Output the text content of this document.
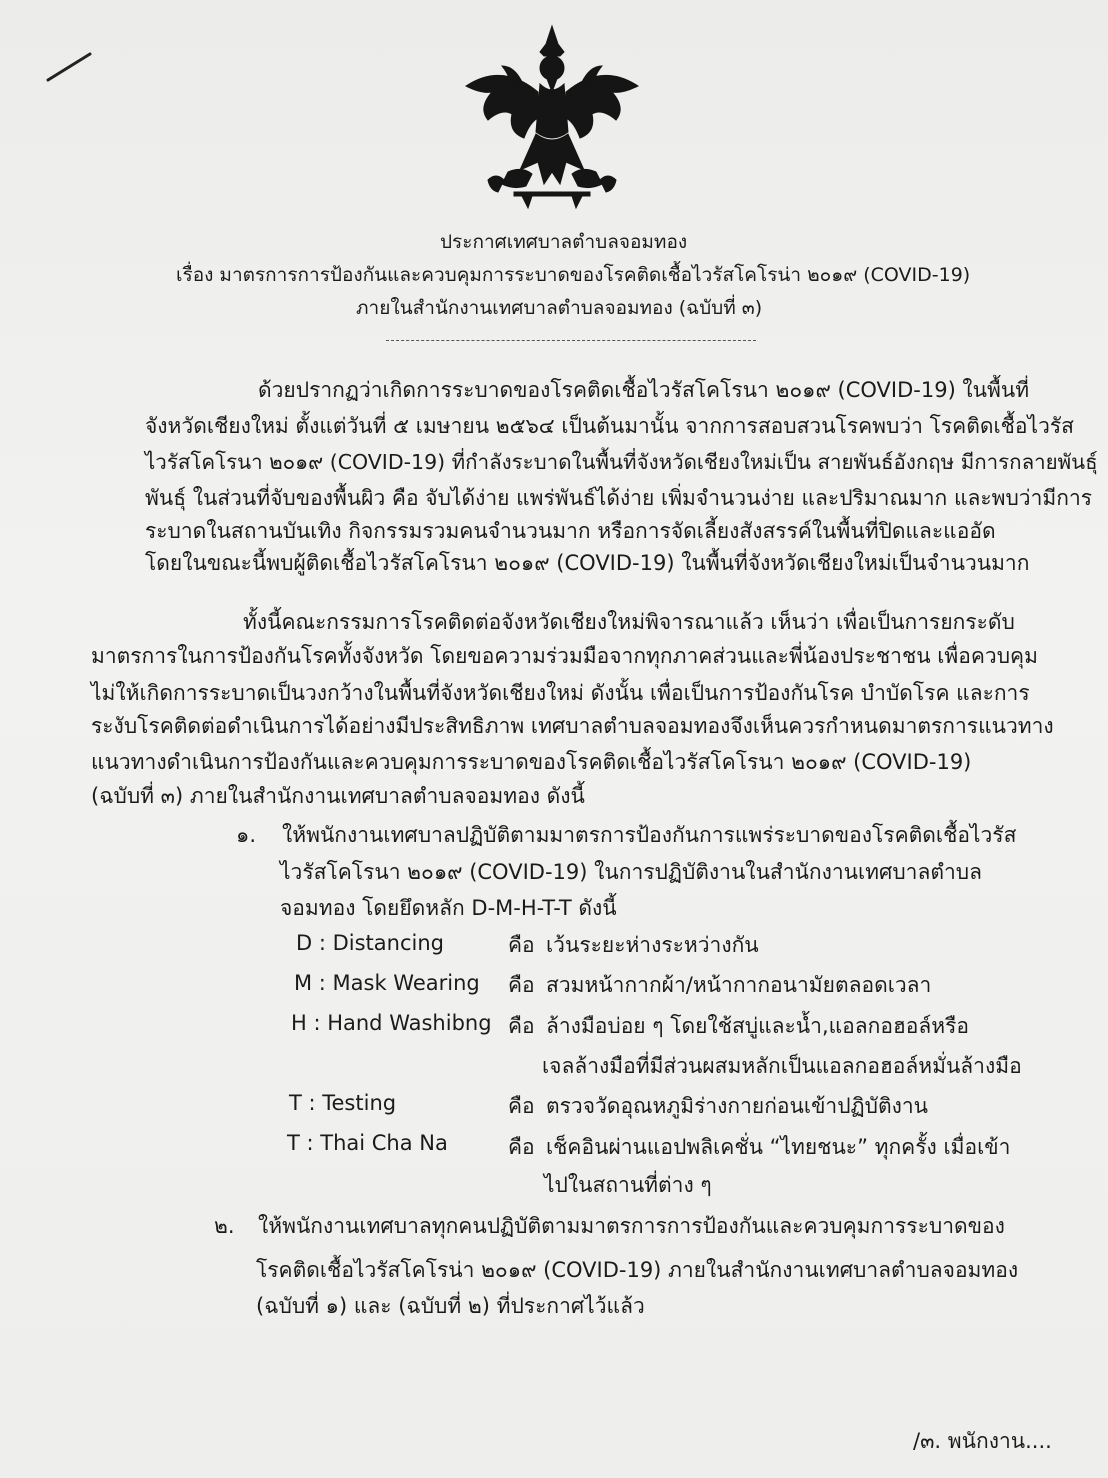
ประกาศเทศบาลตำบลจอมทอง
เรื่อง มาตรการการป้องกันและควบคุมการระบาดของโรคติดเชื้อไวรัสโคโรน่า ๒๐๑๙ (COVID-19)
ภายในสำนักงานเทศบาลตำบลจอมทอง (ฉบับที่ ๓)
ด้วยปรากฏว่าเกิดการระบาดของโรคติดเชื้อไวรัสโคโรนา ๒๐๑๙ (COVID-19) ในพื้นที่
จังหวัดเชียงใหม่ ตั้งแต่วันที่ ๕ เมษายน ๒๕๖๔ เป็นต้นมานั้น จากการสอบสวนโรคพบว่า โรคติดเชื้อไวรัส
ไวรัสโคโรนา ๒๐๑๙ (COVID-19) ที่กำลังระบาดในพื้นที่จังหวัดเชียงใหม่เป็น สายพันธ์อังกฤษ มีการกลายพันธุ์
พันธุ์ ในส่วนที่จับของพื้นผิว คือ จับได้ง่าย แพร่พันธ์ได้ง่าย เพิ่มจำนวนง่าย และปริมาณมาก และพบว่ามีการ
ระบาดในสถานบันเทิง กิจกรรมรวมคนจำนวนมาก หรือการจัดเลี้ยงสังสรรค์ในพื้นที่ปิดและแออัด
โดยในขณะนี้พบผู้ติดเชื้อไวรัสโคโรนา ๒๐๑๙ (COVID-19) ในพื้นที่จังหวัดเชียงใหม่เป็นจำนวนมาก
ทั้งนี้คณะกรรมการโรคติดต่อจังหวัดเชียงใหม่พิจารณาแล้ว เห็นว่า เพื่อเป็นการยกระดับ
มาตรการในการป้องกันโรคทั้งจังหวัด โดยขอความร่วมมือจากทุกภาคส่วนและพี่น้องประชาชน เพื่อควบคุม
ไม่ให้เกิดการระบาดเป็นวงกว้างในพื้นที่จังหวัดเชียงใหม่ ดังนั้น เพื่อเป็นการป้องกันโรค บำบัดโรค และการ
ระงับโรคติดต่อดำเนินการได้อย่างมีประสิทธิภาพ เทศบาลตำบลจอมทองจึงเห็นควรกำหนดมาตรการแนวทาง
แนวทางดำเนินการป้องกันและควบคุมการระบาดของโรคติดเชื้อไวรัสโคโรนา ๒๐๑๙ (COVID-19)
(ฉบับที่ ๓) ภายในสำนักงานเทศบาลตำบลจอมทอง ดังนี้
๑. ให้พนักงานเทศบาลปฏิบัติตามมาตรการป้องกันการแพร่ระบาดของโรคติดเชื้อไวรัส
ไวรัสโคโรนา ๒๐๑๙ (COVID-19) ในการปฏิบัติงานในสำนักงานเทศบาลตำบล
จอมทอง โดยยึดหลัก D-M-H-T-T ดังนี้
D : Distancing	คือ เว้นระยะห่างระหว่างกัน
M : Mask Wearing คือ สวมหน้ากากผ้า/หน้ากากอนามัยตลอดเวลา
H : Hand Washibng คือ ล้างมือบ่อย ๆ โดยใช้สบู่และน้ำ,แอลกอฮอล์หรือ
เจลล้างมือที่มีส่วนผสมหลักเป็นแอลกอฮอล์หมั่นล้างมือ
T : Testing	คือ ตรวจวัดอุณหภูมิร่างกายก่อนเข้าปฏิบัติงาน
T : Thai Cha Na	คือ เช็คอินผ่านแอปพลิเคชั่น “ไทยชนะ” ทุกครั้ง เมื่อเข้า
ไปในสถานที่ต่าง ๆ
๒. ให้พนักงานเทศบาลทุกคนปฏิบัติตามมาตรการการป้องกันและควบคุมการระบาดของ
โรคติดเชื้อไวรัสโคโรน่า ๒๐๑๙ (COVID-19) ภายในสำนักงานเทศบาลตำบลจอมทอง
(ฉบับที่ ๑) และ (ฉบับที่ ๒) ที่ประกาศไว้แล้ว
/๓. พนักงาน....
